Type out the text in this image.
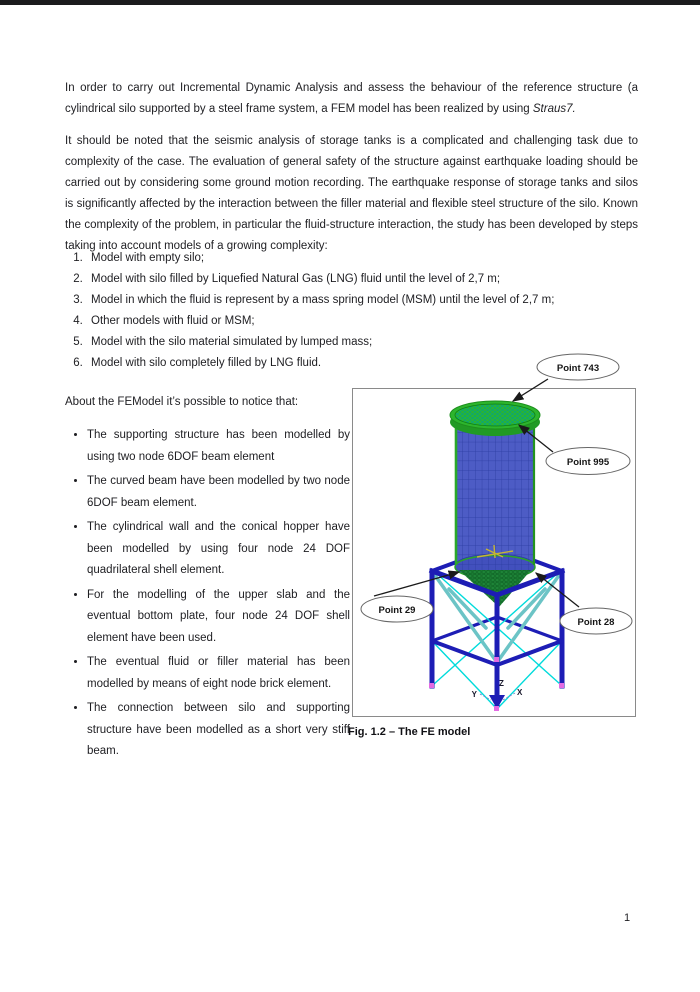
In order to carry out Incremental Dynamic Analysis and assess the behaviour of the reference structure (a cylindrical silo supported by a steel frame system, a FEM model has been realized by using Straus7.

It should be noted that the seismic analysis of storage tanks is a complicated and challenging task due to complexity of the case. The evaluation of general safety of the structure against earthquake loading should be carried out by considering some ground motion recording. The earthquake response of storage tanks and silos is significantly affected by the interaction between the filler material and flexible steel structure of the silo. Known the complexity of the problem, in particular the fluid-structure interaction, the study has been developed by steps taking into account models of a growing complexity:

1. Model with empty silo;
2. Model with silo filled by Liquefied Natural Gas (LNG) fluid until the level of 2,7 m;
3. Model in which the fluid is represent by a mass spring model (MSM) until the level of 2,7 m;
4. Other models with fluid or MSM;
5. Model with the silo material simulated by lumped mass;
6. Model with silo completely filled by LNG fluid.
About the FEModel it’s possible to notice that:
• The supporting structure has been modelled by using two node 6DOF beam element
• The curved beam have been modelled by two node 6DOF beam element.
• The cylindrical wall and the conical hopper have been modelled by using four node 24 DOF quadrilateral shell element.
• For the modelling of the upper slab and the eventual bottom plate, four node 24 DOF shell element have been used.
• The eventual fluid or filler material has been modelled by means of eight node brick element.
• The connection between silo and supporting structure have been modelled as a short very stiff beam.
Z
Y	X
Point 743
Point 995
Point 29
Point 28
Fig. 1.2 – The FE model
1
